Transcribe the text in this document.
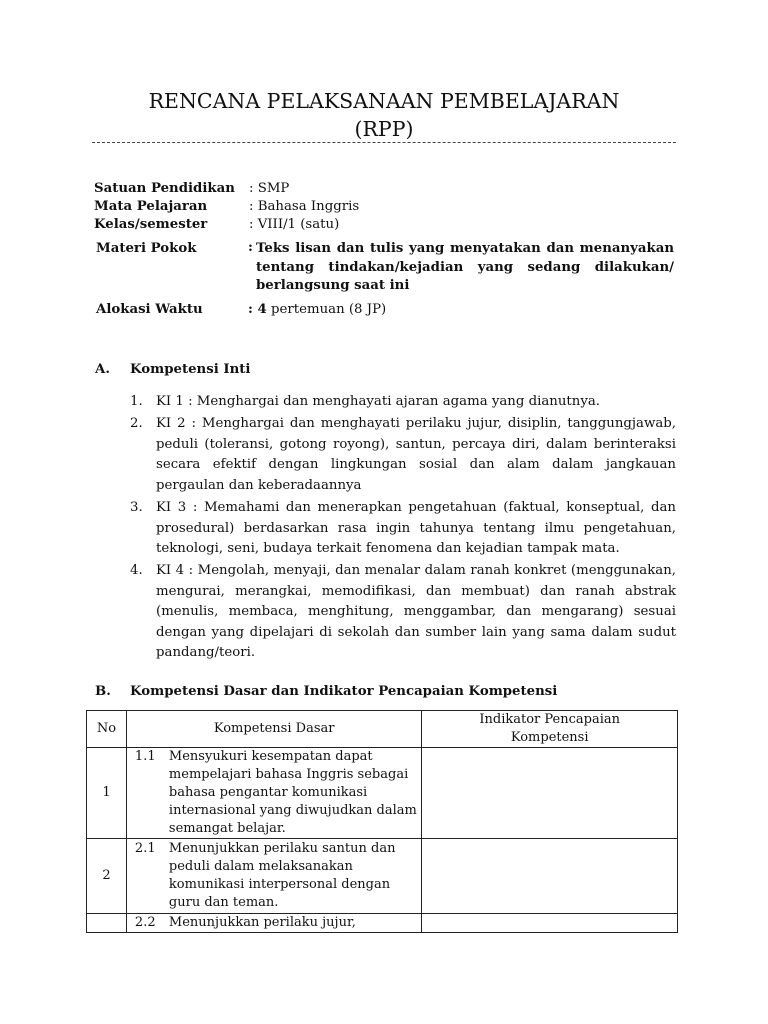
RENCANA PELAKSANAAN PEMBELAJARAN
(RPP)
Satuan Pendidikan : SMP
Mata Pelajaran	: Bahasa Inggris
Kelas/semester	: VIII/1 (satu)
Materi Pokok	: Teks lisan dan tulis yang menyatakan dan menanyakan tentang tindakan/kejadian yang sedang dilakukan/ berlangsung saat ini
Alokasi Waktu	: 4 pertemuan (8 JP)
A. Kompetensi Inti
1. KI 1 : Menghargai dan menghayati ajaran agama yang dianutnya.
2. KI 2 : Menghargai dan menghayati perilaku jujur, disiplin, tanggungjawab, peduli (toleransi, gotong royong), santun, percaya diri, dalam berinteraksi secara efektif dengan lingkungan sosial dan alam dalam jangkauan pergaulan dan keberadaannya
3. KI 3 : Memahami dan menerapkan pengetahuan (faktual, konseptual, dan prosedural) berdasarkan rasa ingin tahunya tentang ilmu pengetahuan, teknologi, seni, budaya terkait fenomena dan kejadian tampak mata.
4. KI 4 : Mengolah, menyaji, dan menalar dalam ranah konkret (menggunakan, mengurai, merangkai, memodifikasi, dan membuat) dan ranah abstrak (menulis, membaca, menghitung, menggambar, dan mengarang) sesuai dengan yang dipelajari di sekolah dan sumber lain yang sama dalam sudut pandang/teori.
B. Kompetensi Dasar dan Indikator Pencapaian Kompetensi
No	Kompetensi Dasar	Indikator Pencapaian Kompetensi
1	1.1 Mensyukuri kesempatan dapat mempelajari bahasa Inggris sebagai bahasa pengantar komunikasi internasional yang diwujudkan dalam semangat belajar.	

2	2.1 Menunjukkan perilaku santun dan peduli dalam melaksanakan komunikasi interpersonal dengan guru dan teman.	

	2.2 Menunjukkan perilaku jujur,	
